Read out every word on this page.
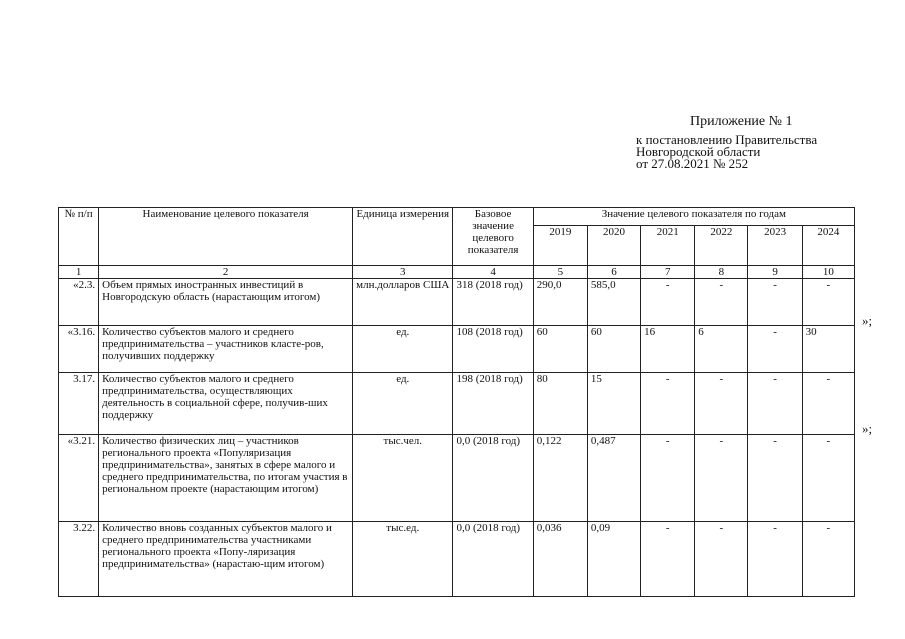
Приложение № 1
к постановлению Правительства
Новгородской области
от 27.08.2021 № 252
№ п/п	Наименование целевого показателя	Единица измерения	Базовое значение целевого показателя	Значение целевого показателя по годам					
				2019	2020	2021	2022	2023	2024
1	2	3	4	5	6	7	8	9	10
«2.3.	Объем прямых иностранных инвестиций в Новгородскую область (нарастающим итогом)	млн.долларов США	318 (2018 год)	290,0	585,0	-	-	-	-
«3.16.	Количество субъектов малого и среднего предпринимательства – участников класте-ров, получивших поддержку	ед.	108 (2018 год)	60	60	16	6	-	30
3.17.	Количество субъектов малого и среднего предпринимательства, осуществляющих деятельность в социальной сфере, получив-ших поддержку	ед.	198 (2018 год)	80	15	-	-	-	-
«3.21.	Количество физических лиц – участников регионального проекта «Популяризация предпринимательства», занятых в сфере малого и среднего предпринимательства, по итогам участия в региональном проекте (нарастающим итогом)	тыс.чел.	0,0 (2018 год)	0,122	0,487	-	-	-	-
3.22.	Количество вновь созданных субъектов малого и среднего предпринимательства участниками регионального проекта «Попу-ляризация предпринимательства» (нарастаю-щим итогом)	тыс.ед.	0,0 (2018 год)	0,036	0,09	-	-	-	-
»;
»;
